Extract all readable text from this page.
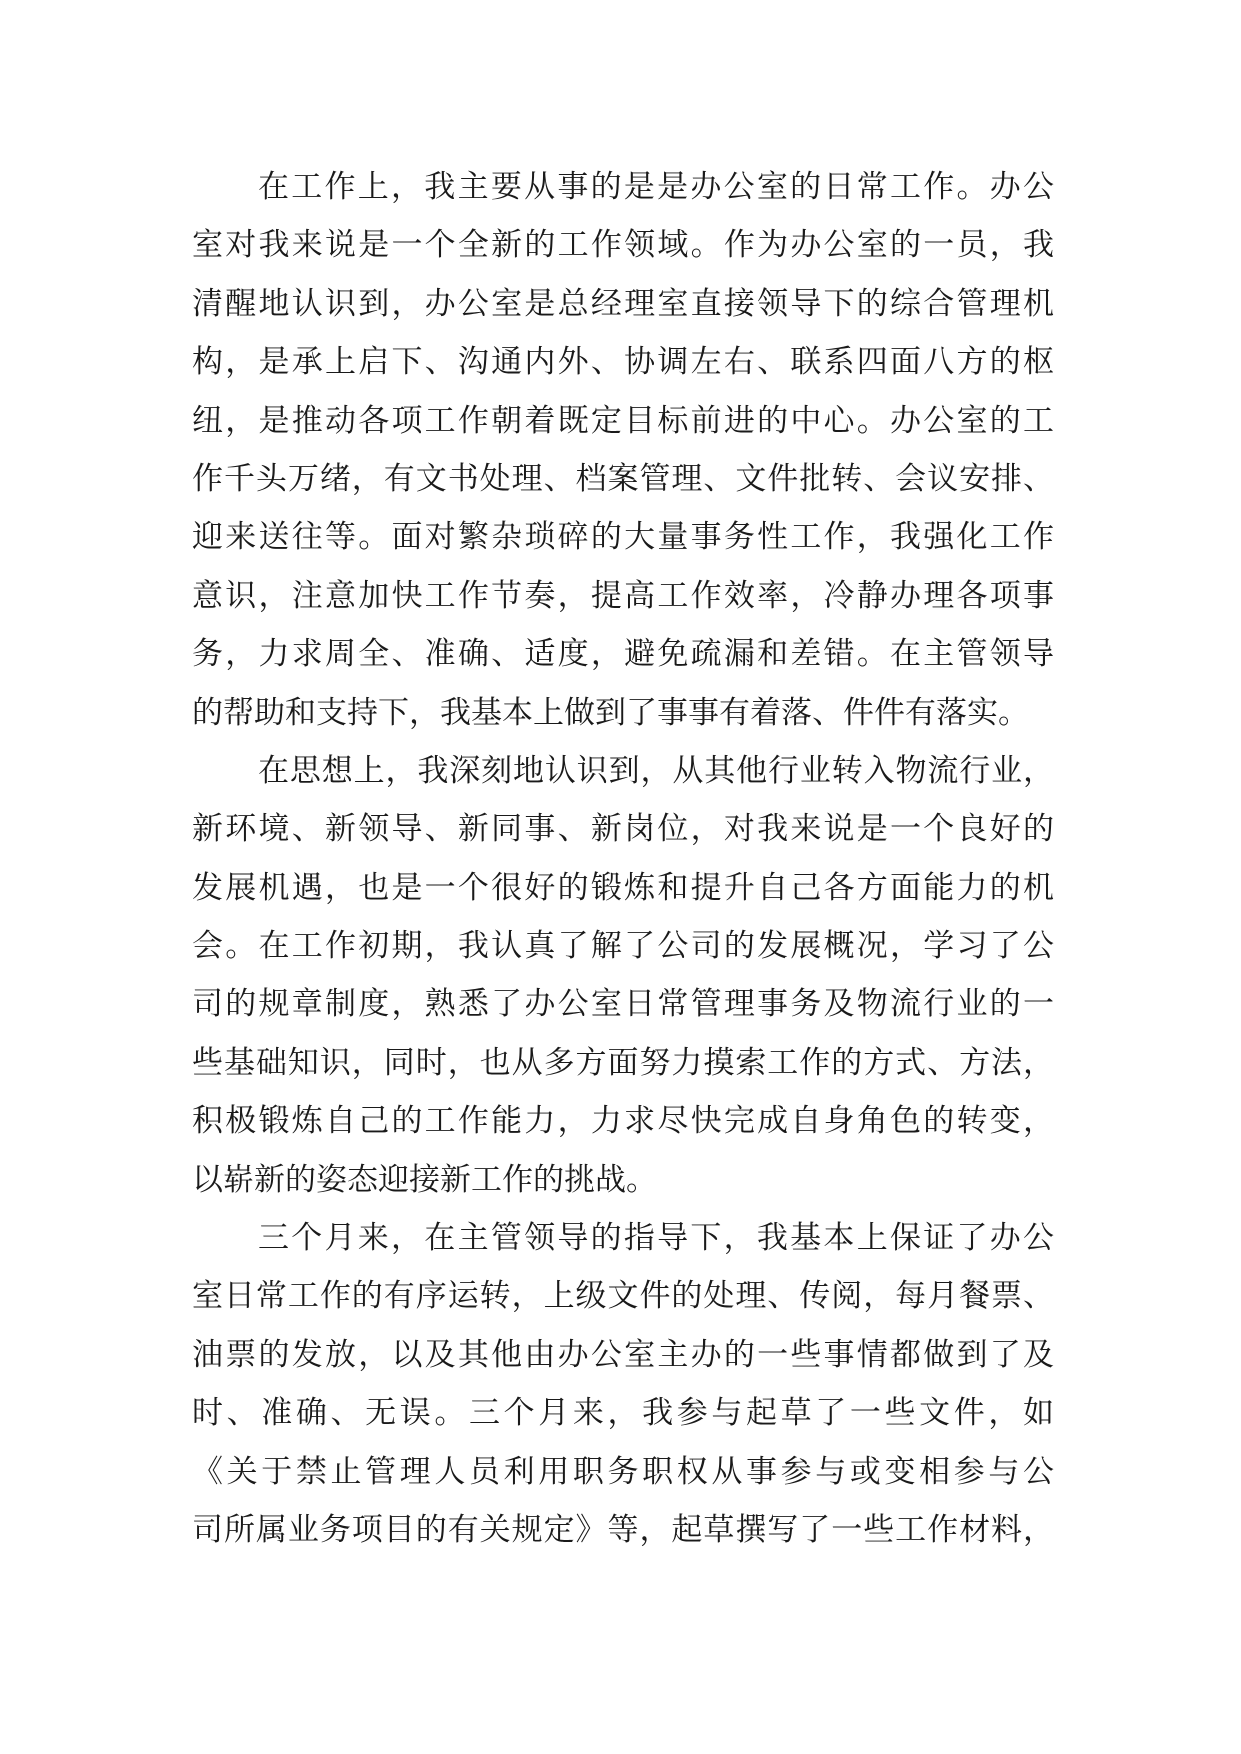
在工作上，我主要从事的是是办公室的日常工作。办公
室对我来说是一个全新的工作领域。作为办公室的一员，我
清醒地认识到，办公室是总经理室直接领导下的综合管理机
构，是承上启下、沟通内外、协调左右、联系四面八方的枢
纽，是推动各项工作朝着既定目标前进的中心。办公室的工
作千头万绪，有文书处理、档案管理、文件批转、会议安排、
迎来送往等。面对繁杂琐碎的大量事务性工作，我强化工作
意识，注意加快工作节奏，提高工作效率，冷静办理各项事
务，力求周全、准确、适度，避免疏漏和差错。在主管领导
的帮助和支持下，我基本上做到了事事有着落、件件有落实。
在思想上，我深刻地认识到，从其他行业转入物流行业，
新环境、新领导、新同事、新岗位，对我来说是一个良好的
发展机遇，也是一个很好的锻炼和提升自己各方面能力的机
会。在工作初期，我认真了解了公司的发展概况，学习了公
司的规章制度，熟悉了办公室日常管理事务及物流行业的一
些基础知识，同时，也从多方面努力摸索工作的方式、方法，
积极锻炼自己的工作能力，力求尽快完成自身角色的转变，
以崭新的姿态迎接新工作的挑战。
三个月来，在主管领导的指导下，我基本上保证了办公
室日常工作的有序运转，上级文件的处理、传阅，每月餐票、
油票的发放，以及其他由办公室主办的一些事情都做到了及
时、准确、无误。三个月来，我参与起草了一些文件，如
《关于禁止管理人员利用职务职权从事参与或变相参与公
司所属业务项目的有关规定》等，起草撰写了一些工作材料，
